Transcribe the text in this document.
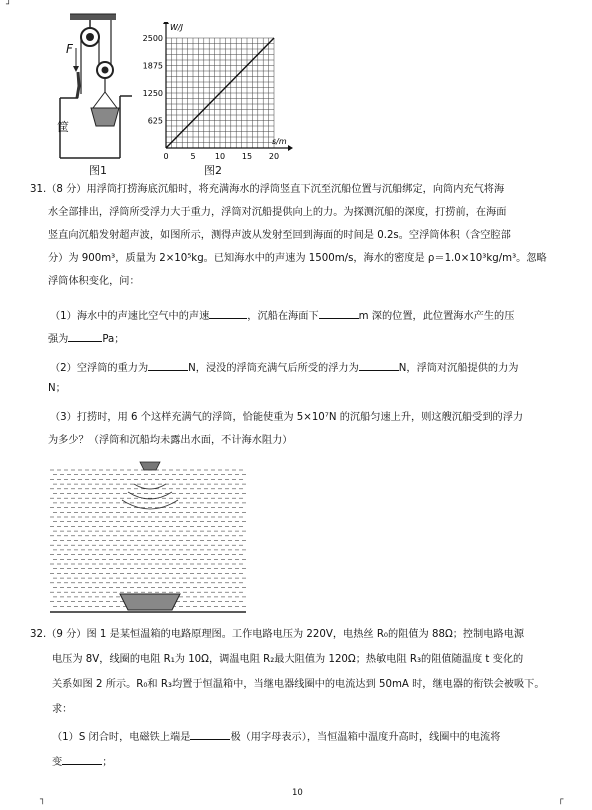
┘
┐	┌
F
筐
图1
W/J
s/m
2500
1875
1250
625
0	5 10 15 20
图2
31.（8 分）用浮筒打捞海底沉船时，将充满海水的浮筒竖直下沉至沉船位置与沉船绑定，向筒内充气将海
水全部排出，浮筒所受浮力大于重力，浮筒对沉船提供向上的力。为探测沉船的深度，打捞前，在海面
竖直向沉船发射超声波，如图所示，测得声波从发射至回到海面的时间是 0.2s。空浮筒体积（含空腔部
分）为 900m³，质量为 2×10⁵kg。已知海水中的声速为 1500m/s，海水的密度是 ρ＝1.0×10³kg/m³。忽略
浮筒体积变化，问：
（1）海水中的声速比空气中的声速	，沉船在海面下	m 深的位置，此位置海水产生的压
强为	Pa；
（2）空浮筒的重力为	N，浸没的浮筒充满气后所受的浮力为	N，浮筒对沉船提供的力为
N；
（3）打捞时，用 6 个这样充满气的浮筒，恰能使重为 5×10⁷N 的沉船匀速上升，则这艘沉船受到的浮力
为多少？（浮筒和沉船均未露出水面，不计海水阻力）
32.（9 分）图 1 是某恒温箱的电路原理图。工作电路电压为 220V，电热丝 R₀的阻值为 88Ω；控制电路电源
电压为 8V，线圈的电阻 R₁为 10Ω，调温电阻 R₂最大阻值为 120Ω；热敏电阻 R₃的阻值随温度 t 变化的
关系如图 2 所示。R₀和 R₃均置于恒温箱中，当继电器线圈中的电流达到 50mA 时，继电器的衔铁会被吸下。
求：
（1）S 闭合时，电磁铁上端是	极（用字母表示），当恒温箱中温度升高时，线圈中的电流将
变	；
10
